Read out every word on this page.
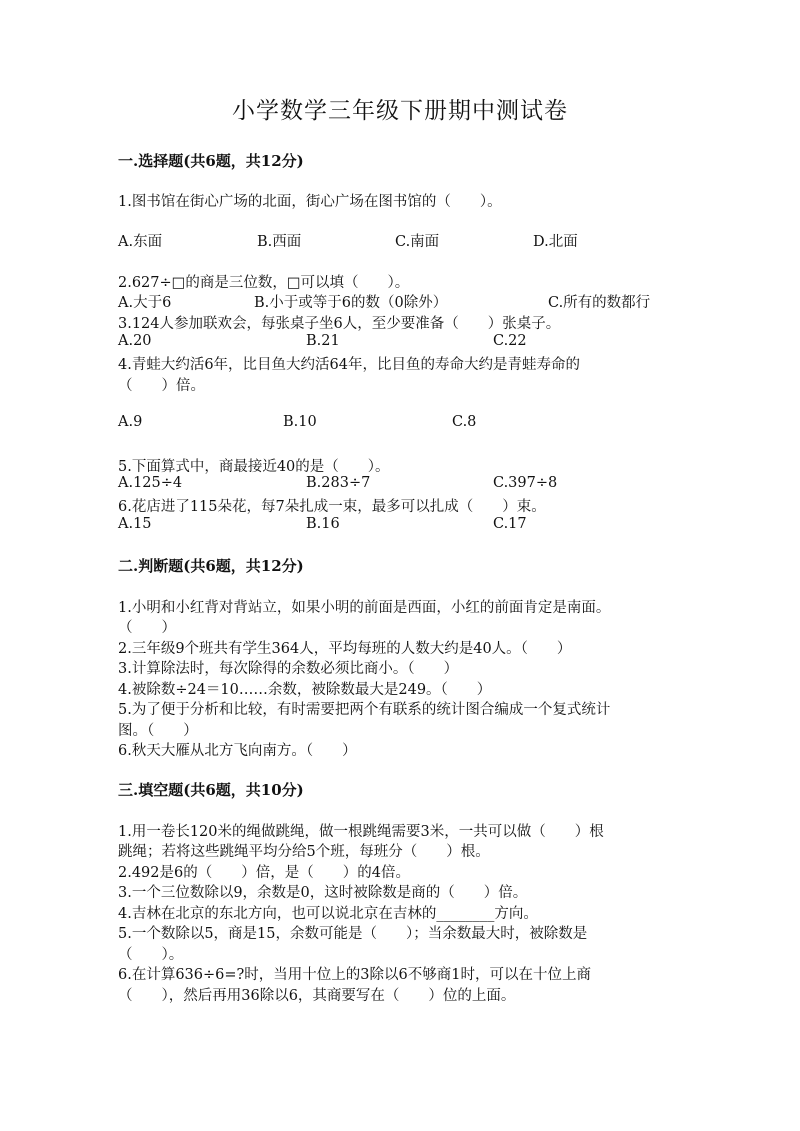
小学数学三年级下册期中测试卷
一.选择题(共6题，共12分)
1.图书馆在街心广场的北面，街心广场在图书馆的（　　）。
A.东面	B.西面	C.南面	D.北面
2.627÷□的商是三位数，□可以填（　　）。
A.大于6	B.小于或等于6的数（0除外）	C.所有的数都行
3.124人参加联欢会，每张桌子坐6人，至少要准备（　　）张桌子。
A.20	B.21	C.22
4.青蛙大约活6年，比目鱼大约活64年，比目鱼的寿命大约是青蛙寿命的
（　　）倍。
A.9	B.10	C.8
5.下面算式中，商最接近40的是（　　）。
A.125÷4	B.283÷7	C.397÷8
6.花店进了115朵花，每7朵扎成一束，最多可以扎成（　　）束。
A.15	B.16	C.17
二.判断题(共6题，共12分)
1.小明和小红背对背站立，如果小明的前面是西面，小红的前面肯定是南面。
（　　）
2.三年级9个班共有学生364人，平均每班的人数大约是40人。（　　）
3.计算除法时，每次除得的余数必须比商小。（　　）
4.被除数÷24＝10……余数，被除数最大是249。（　　）
5.为了便于分析和比较，有时需要把两个有联系的统计图合编成一个复式统计
图。（　　）
6.秋天大雁从北方飞向南方。（　　）
三.填空题(共6题，共10分)
1.用一卷长120米的绳做跳绳，做一根跳绳需要3米，一共可以做（　　）根
跳绳；若将这些跳绳平均分给5个班，每班分（　　）根。
2.492是6的（　　）倍，是（　　）的4倍。
3.一个三位数除以9，余数是0，这时被除数是商的（　　）倍。
4.吉林在北京的东北方向，也可以说北京在吉林的________方向。
5.一个数除以5，商是15，余数可能是（　　）；当余数最大时，被除数是
（　　）。
6.在计算636÷6=?时，当用十位上的3除以6不够商1时，可以在十位上商
（　　），然后再用36除以6，其商要写在（　　）位的上面。
